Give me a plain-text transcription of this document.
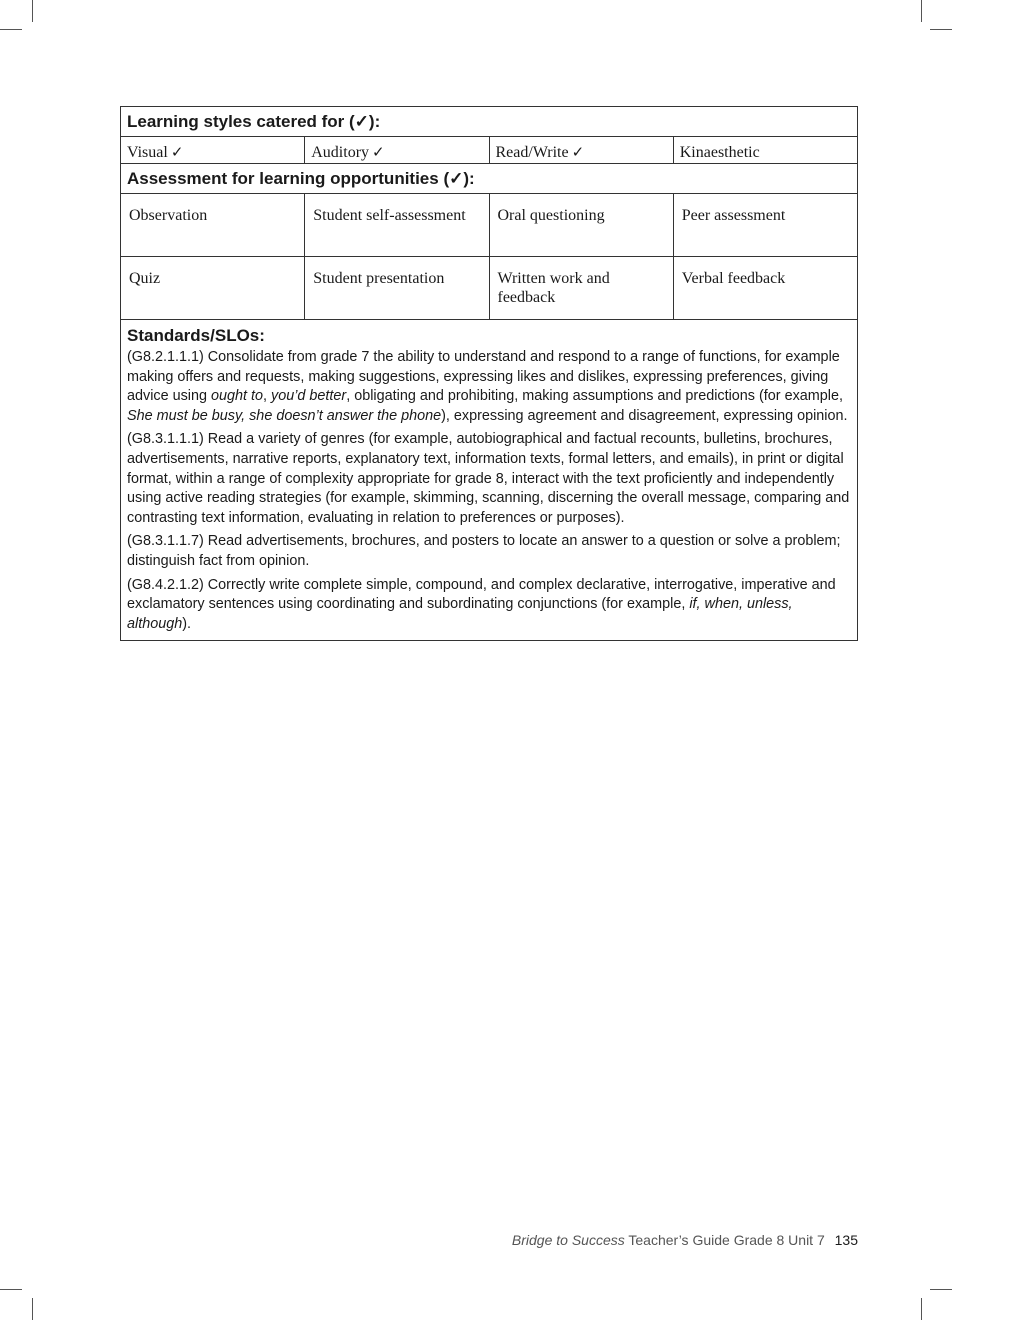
Learning styles catered for (✓):			
Visual ✓	Auditory ✓	Read/Write ✓	Kinaesthetic
Assessment for learning opportunities (✓):			
Observation	Student self-assessment	Oral questioning	Peer assessment
Quiz	Student presentation	Written work and feedback	Verbal feedback

Standards/SLOs:

(G8.2.1.1.1) Consolidate from grade 7 the ability to understand and respond to a range of functions, for example making offers and requests, making suggestions, expressing likes and dislikes, expressing preferences, giving advice using ought to, you’d better, obligating and prohibiting, making assumptions and predictions (for example, She must be busy, she doesn’t answer the phone), expressing agreement and disagreement, expressing opinion.

(G8.3.1.1.1) Read a variety of genres (for example, autobiographical and factual recounts, bulletins, brochures, advertisements, narrative reports, explanatory text, information texts, formal letters, and emails), in print or digital format, within a range of complexity appropriate for grade 8, interact with the text proficiently and independently using active reading strategies (for example, skimming, scanning, discerning the overall message, comparing and contrasting text information, evaluating in relation to preferences or purposes).

(G8.3.1.1.7) Read advertisements, brochures, and posters to locate an answer to a question or solve a problem; distinguish fact from opinion.

(G8.4.2.1.2) Correctly write complete simple, compound, and complex declarative, interrogative, imperative and exclamatory sentences using coordinating and subordinating conjunctions (for example, if, when, unless, although).			

Bridge to Success Teacher’s Guide Grade 8 Unit 7 135
